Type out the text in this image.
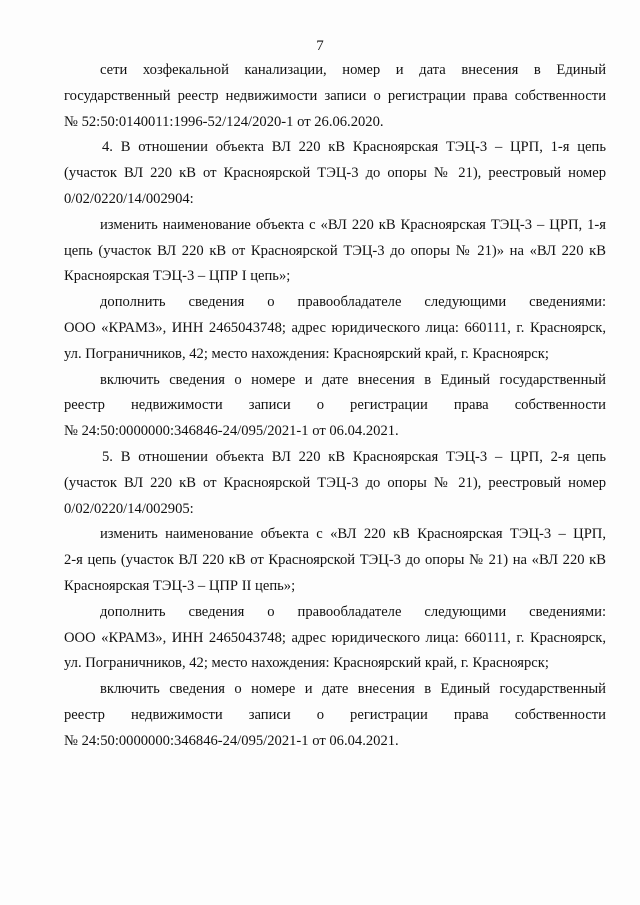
7
сети хозфекальной канализации, номер и дата внесения в Единый
государственный реестр недвижимости записи о регистрации права собственности
№ 52:50:0140011:1996-52/124/2020-1 от 26.06.2020.
4. В отношении объекта ВЛ 220 кВ Красноярская ТЭЦ-3 – ЦРП, 1-я цепь
(участок ВЛ 220 кВ от Красноярской ТЭЦ-3 до опоры № 21), реестровый номер
0/02/0220/14/002904:
изменить наименование объекта с «ВЛ 220 кВ Красноярская ТЭЦ-3 – ЦРП, 1-я
цепь (участок ВЛ 220 кВ от Красноярской ТЭЦ-3 до опоры № 21)» на «ВЛ 220 кВ
Красноярская ТЭЦ-3 – ЦПР I цепь»;
дополнить сведения о правообладателе следующими сведениями:
ООО «КРАМЗ», ИНН 2465043748; адрес юридического лица: 660111, г. Красноярск,
ул. Пограничников, 42; место нахождения: Красноярский край, г. Красноярск;
включить сведения о номере и дате внесения в Единый государственный
реестр недвижимости записи о регистрации права собственности
№ 24:50:0000000:346846-24/095/2021-1 от 06.04.2021.
5. В отношении объекта ВЛ 220 кВ Красноярская ТЭЦ-3 – ЦРП, 2-я цепь
(участок ВЛ 220 кВ от Красноярской ТЭЦ-3 до опоры № 21), реестровый номер
0/02/0220/14/002905:
изменить наименование объекта с «ВЛ 220 кВ Красноярская ТЭЦ-3 – ЦРП,
2-я цепь (участок ВЛ 220 кВ от Красноярской ТЭЦ-3 до опоры № 21) на «ВЛ 220 кВ
Красноярская ТЭЦ-3 – ЦПР II цепь»;
дополнить сведения о правообладателе следующими сведениями:
ООО «КРАМЗ», ИНН 2465043748; адрес юридического лица: 660111, г. Красноярск,
ул. Пограничников, 42; место нахождения: Красноярский край, г. Красноярск;
включить сведения о номере и дате внесения в Единый государственный
реестр недвижимости записи о регистрации права собственности
№ 24:50:0000000:346846-24/095/2021-1 от 06.04.2021.
